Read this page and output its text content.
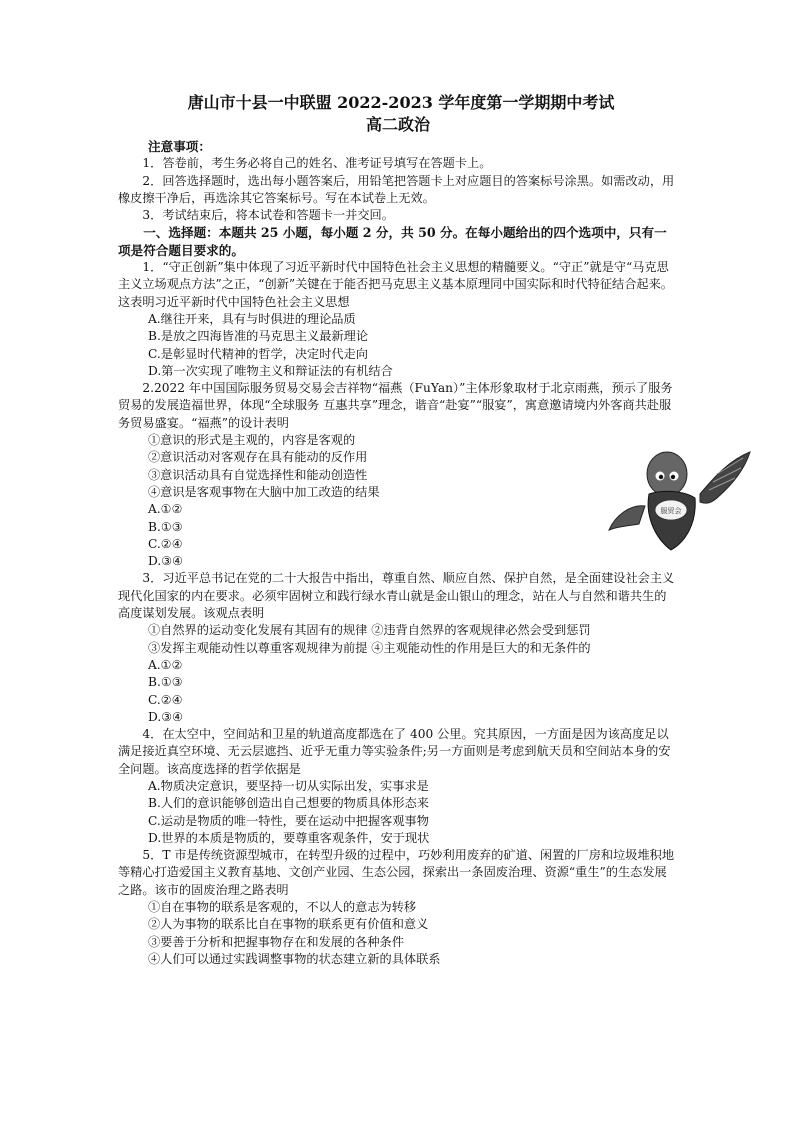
唐山市十县一中联盟 2022-2023 学年度第一学期期中考试
高二政治

注意事项：

1．答卷前，考生务必将自己的姓名、准考证号填写在答题卡上。

2．回答选择题时，选出每小题答案后，用铅笔把答题卡上对应题目的答案标号涂黑。如需改动，用橡皮擦干净后，再选涂其它答案标号。写在本试卷上无效。

3．考试结束后，将本试卷和答题卡一并交回。

一、选择题：本题共 25 小题，每小题 2 分，共 50 分。在每小题给出的四个选项中，只有一项是符合题目要求的。

1．“守正创新”集中体现了习近平新时代中国特色社会主义思想的精髓要义。“守正”就是守“马克思主义立场观点方法”之正，“创新”关键在于能否把马克思主义基本原理同中国实际和时代特征结合起来。这表明习近平新时代中国特色社会主义思想

A.继往开来，具有与时俱进的理论品质

B.是放之四海皆准的马克思主义最新理论

C.是彰显时代精神的哲学，决定时代走向

D.第一次实现了唯物主义和辩证法的有机结合

2.2022 年中国国际服务贸易交易会吉祥物“福燕（FuYan）”主体形象取材于北京雨燕，预示了服务贸易的发展造福世界，体现“全球服务 互惠共享”理念，谐音“赴宴”“服宴”，寓意邀请境内外客商共赴服务贸易盛宴。“福燕”的设计表明

①意识的形式是主观的，内容是客观的

②意识活动对客观存在具有能动的反作用

③意识活动具有自觉选择性和能动创造性

④意识是客观事物在大脑中加工改造的结果

A.①②

B.①③

C.②④

D.③④

3．习近平总书记在党的二十大报告中指出，尊重自然、顺应自然、保护自然，是全面建设社会主义现代化国家的内在要求。必须牢固树立和践行绿水青山就是金山银山的理念，站在人与自然和谐共生的高度谋划发展。该观点表明

①自然界的运动变化发展有其固有的规律 ②违背自然界的客观规律必然会受到惩罚

③发挥主观能动性以尊重客观规律为前提 ④主观能动性的作用是巨大的和无条件的

A.①②

B.①③

C.②④

D.③④

4．在太空中，空间站和卫星的轨道高度都选在了 400 公里。究其原因，一方面是因为该高度足以满足接近真空环境、无云层遮挡、近乎无重力等实验条件;另一方面则是考虑到航天员和空间站本身的安全问题。该高度选择的哲学依据是

A.物质决定意识，要坚持一切从实际出发，实事求是

B.人们的意识能够创造出自己想要的物质具体形态来

C.运动是物质的唯一特性，要在运动中把握客观事物

D.世界的本质是物质的，要尊重客观条件，安于现状

5．T 市是传统资源型城市，在转型升级的过程中，巧妙利用废弃的矿道、闲置的厂房和垃圾堆积地等精心打造爱国主义教育基地、文创产业园、生态公园，探索出一条固废治理、资源“重生”的生态发展之路。该市的固废治理之路表明

①自在事物的联系是客观的，不以人的意志为转移

②人为事物的联系比自在事物的联系更有价值和意义

③要善于分析和把握事物存在和发展的各种条件

④人们可以通过实践调整事物的状态建立新的具体联系

服贸会
